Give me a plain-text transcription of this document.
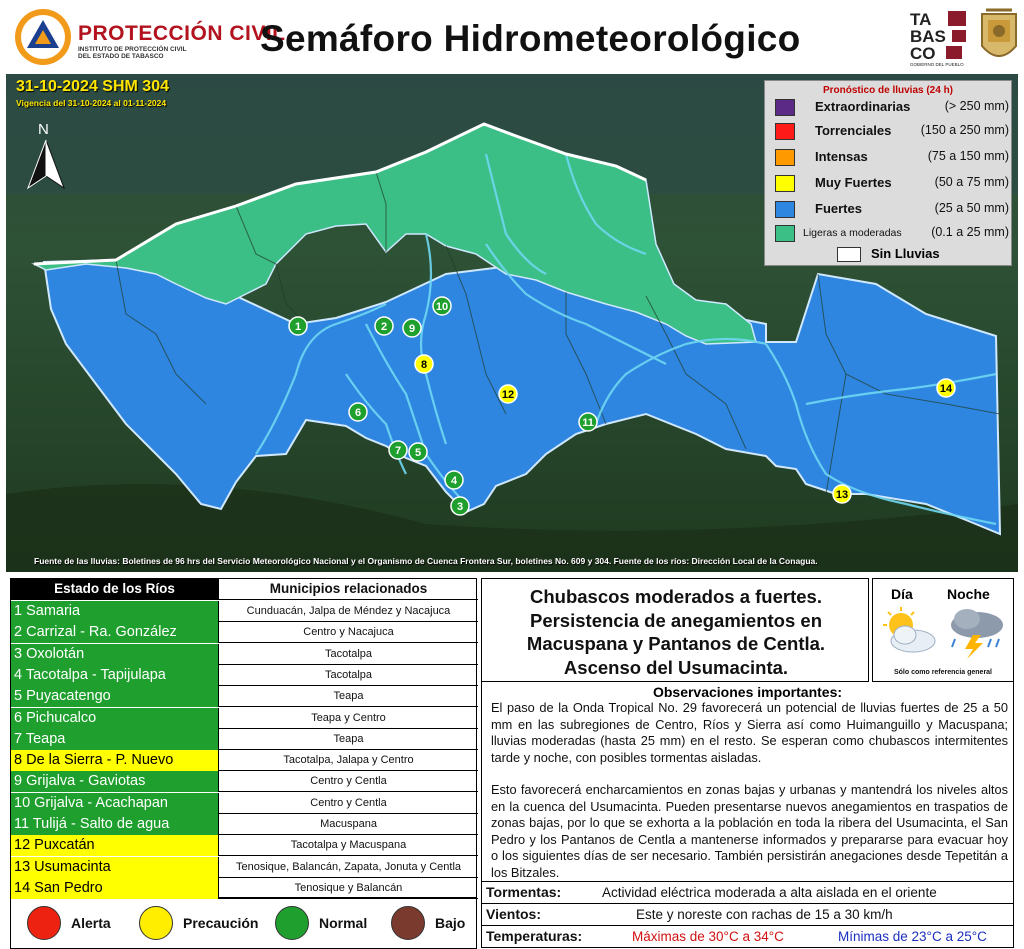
PROTECCIÓN CIVIL
INSTITUTO DE PROTECCIÓN CIVIL
DEL ESTADO DE TABASCO	Semáforo Hidrometeorológico	TA
BAS
CO
GOBIERNO DEL PUEBLO
1	2
3
4
5
6
7
8
9
10
11
12
13
14
31-10-2024 SHM 304
Vigencia del 31-10-2024 al 01-11-2024
N
Pronóstico de lluvias (24 h)
Extraordinarias	(> 250 mm)
Torrenciales (150 a 250 mm)
Intensas	(75 a 150 mm)
Muy Fuertes	(50 a 75 mm)
Fuertes	(25 a 50 mm)
Ligeras a moderadas (0.1 a 25 mm)
Sin Lluvias
Fuente de las lluvias: Boletines de 96 hrs del Servicio Meteorológico Nacional y el Organismo de Cuenca Frontera Sur, boletines No. 609 y 304. Fuente de los ríos: Dirección Local de la Conagua.
Estado de los Ríos	Municipios relacionados
1 Samaria	Cunduacán, Jalpa de Méndez y Nacajuca
2 Carrizal - Ra. González	Centro y Nacajuca
3 Oxolotán	Tacotalpa
4 Tacotalpa - Tapijulapa	Tacotalpa
5 Puyacatengo	Teapa
6 Pichucalco	Teapa y Centro
7 Teapa	Teapa
8 De la Sierra - P. Nuevo	Tacotalpa, Jalapa y Centro
9 Grijalva - Gaviotas	Centro y Centla
10 Grijalva - Acachapan	Centro y Centla
11 Tulijá - Salto de agua	Macuspana
12 Puxcatán	Tacotalpa y Macuspana
13 Usumacinta	Tenosique, Balancán, Zapata, Jonuta y Centla
14 San Pedro	Tenosique y Balancán
Alerta	Precaución	Normal	Bajo
Chubascos moderados a fuertes.
Persistencia de anegamientos en
Macuspana y Pantanos de Centla.
Ascenso del Usumacinta.
Día Noche
Sólo como referencia general
Observaciones importantes:
El paso de la Onda Tropical No. 29 favorecerá un potencial de lluvias fuertes de 25 a 50 mm en las subregiones de Centro, Ríos y Sierra así como Huimanguillo y Macuspana; lluvias moderadas (hasta 25 mm) en el resto. Se esperan como chubascos intermitentes tarde y noche, con posibles tormentas aisladas.
Esto favorecerá encharcamientos en zonas bajas y urbanas y mantendrá los niveles altos en la cuenca del Usumacinta. Pueden presentarse nuevos anegamientos en traspatios de zonas bajas, por lo que se exhorta a la población en toda la ribera del Usumacinta, el San Pedro y los Pantanos de Centla a mantenerse informados y prepararse para evacuar hoy o los siguientes días de ser necesario. También persistirán anegaciones desde Tepetitán a los Bitzales.
Tormentas:	Actividad eléctrica moderada a alta aislada en el oriente
Vientos:	Este y noreste con rachas de 15 a 30 km/h
Temperaturas:	Máximas de 30°C a 34°C	Mínimas de 23°C a 25°C
